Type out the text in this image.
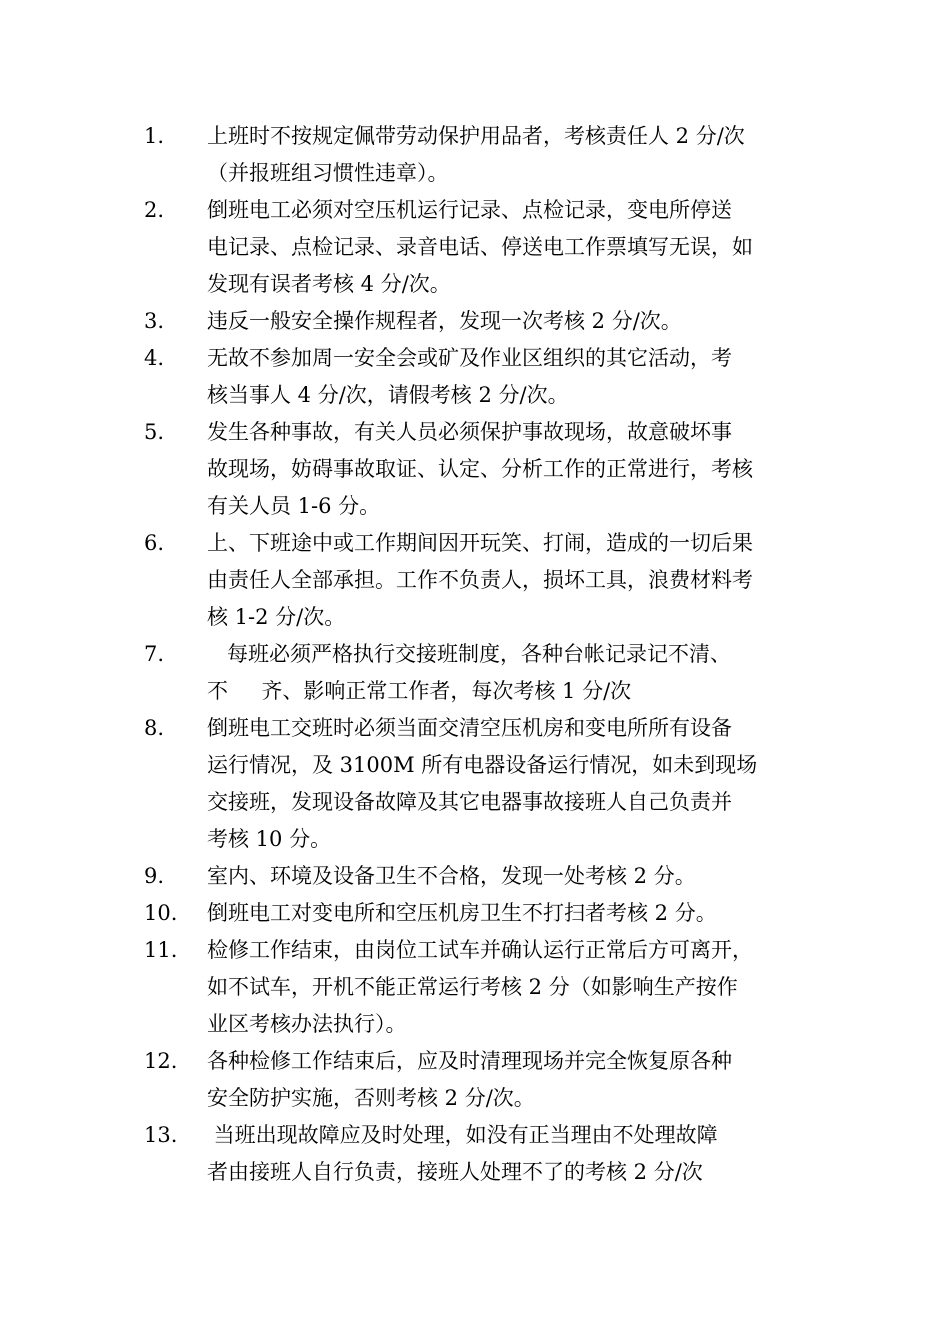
1.	上班时不按规定佩带劳动保护用品者，考核责任人 2 分/次
（并报班组习惯性违章）。
2.	倒班电工必须对空压机运行记录、点检记录，变电所停送
电记录、点检记录、录音电话、停送电工作票填写无误，如
发现有误者考核 4 分/次。
3.	违反一般安全操作规程者，发现一次考核 2 分/次。
4.	无故不参加周一安全会或矿及作业区组织的其它活动，考
核当事人 4 分/次，请假考核 2 分/次。
5.	发生各种事故，有关人员必须保护事故现场，故意破坏事
故现场，妨碍事故取证、认定、分析工作的正常进行，考核
有关人员 1-6 分。
6.	上、下班途中或工作期间因开玩笑、打闹，造成的一切后果
由责任人全部承担。工作不负责人，损坏工具，浪费材料考
核 1-2 分/次。
7.	每班必须严格执行交接班制度，各种台帐记录记不清、
不     齐、影响正常工作者，每次考核 1 分/次
8.	倒班电工交班时必须当面交清空压机房和变电所所有设备
运行情况，及 3100M 所有电器设备运行情况，如未到现场
交接班，发现设备故障及其它电器事故接班人自己负责并
考核 10 分。
9.	室内、环境及设备卫生不合格，发现一处考核 2 分。
10.	倒班电工对变电所和空压机房卫生不打扫者考核 2 分。
11.	检修工作结束，由岗位工试车并确认运行正常后方可离开，
如不试车，开机不能正常运行考核 2 分（如影响生产按作
业区考核办法执行）。
12.	各种检修工作结束后，应及时清理现场并完全恢复原各种
安全防护实施，否则考核 2 分/次。
13.	当班出现故障应及时处理，如没有正当理由不处理故障
者由接班人自行负责，接班人处理不了的考核 2 分/次
